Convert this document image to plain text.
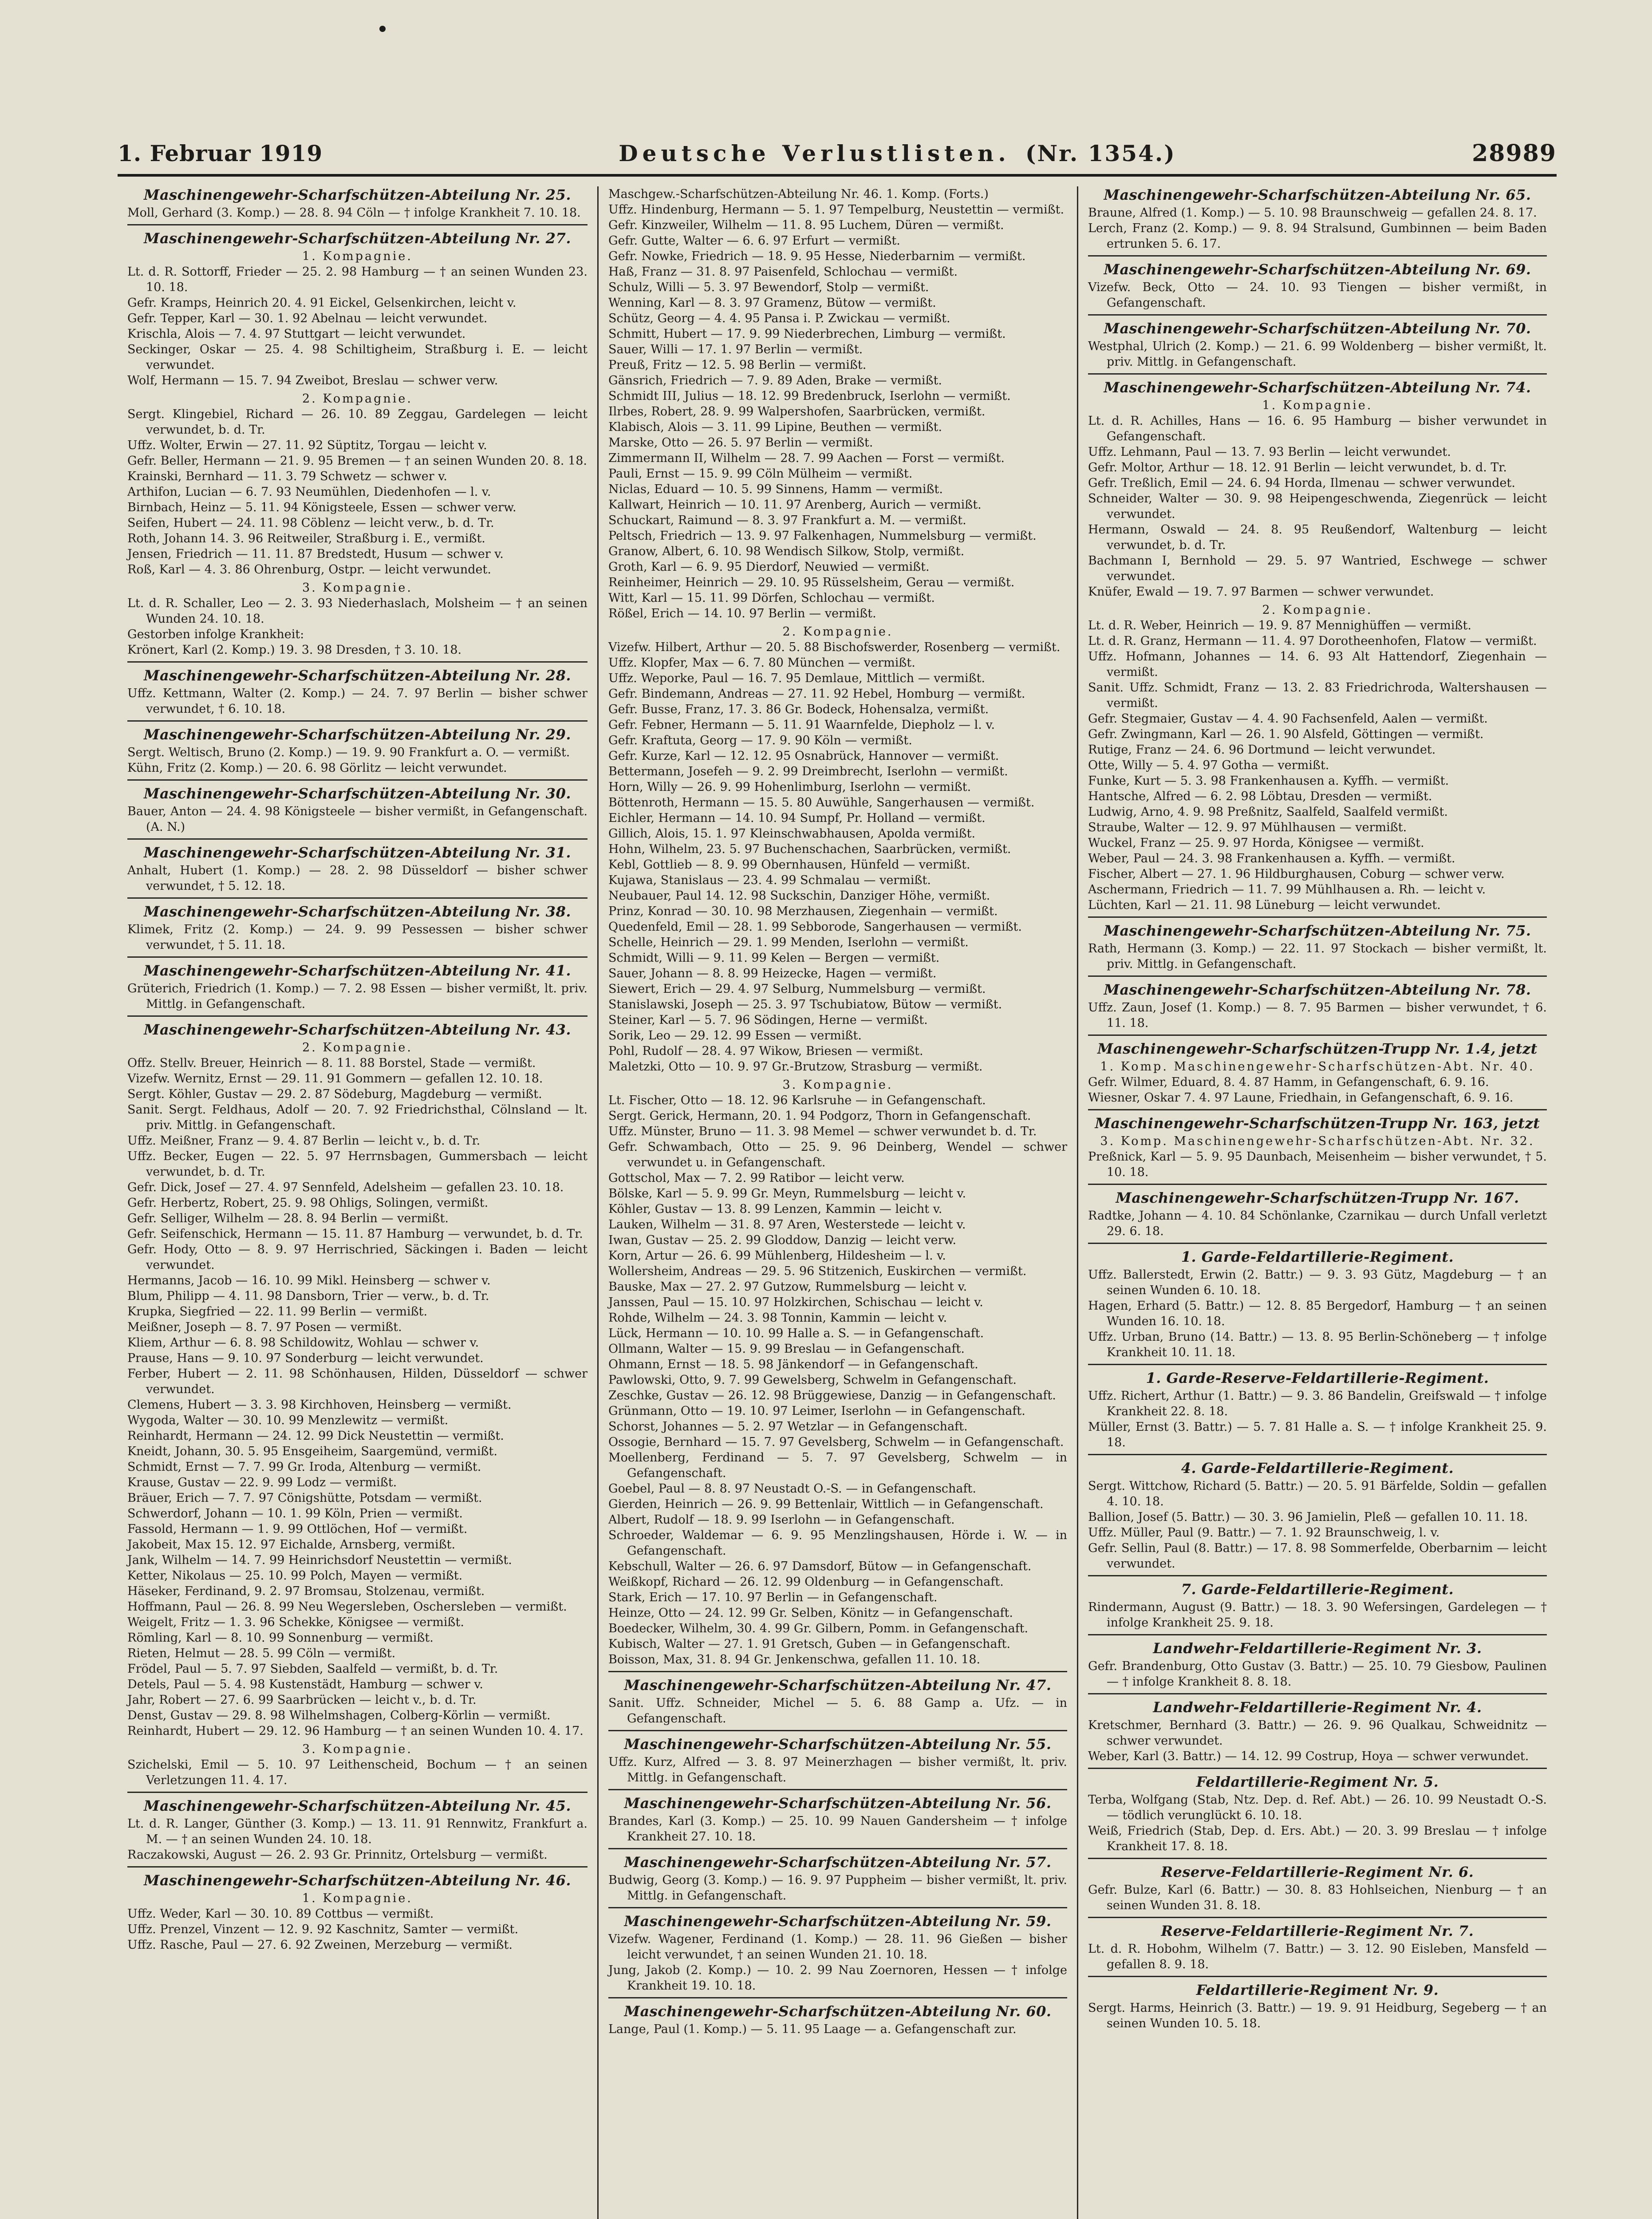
1. Februar 1919	Deutsche Verlustlisten. (Nr. 1354.)	28989
Maschinengewehr-Scharfschützen-Abteilung Nr. 25.

Moll, Gerhard (3. Komp.) — 28. 8. 94 Cöln — † infolge Krankheit 7. 10. 18.

Maschinengewehr-Scharfschützen-Abteilung Nr. 27.
1. Kompagnie.

Lt. d. R. Sottorff, Frieder — 25. 2. 98 Hamburg — † an seinen Wunden 23. 10. 18.

Gefr. Kramps, Heinrich 20. 4. 91 Eickel, Gelsenkirchen, leicht v.

Gefr. Tepper, Karl — 30. 1. 92 Abelnau — leicht verwundet.

Krischla, Alois — 7. 4. 97 Stuttgart — leicht verwundet.

Seckinger, Oskar — 25. 4. 98 Schiltigheim, Straßburg i. E. — leicht verwundet.

Wolf, Hermann — 15. 7. 94 Zweibot, Breslau — schwer verw.

2. Kompagnie.

Sergt. Klingebiel, Richard — 26. 10. 89 Zeggau, Gardelegen — leicht verwundet, b. d. Tr.

Uffz. Wolter, Erwin — 27. 11. 92 Süptitz, Torgau — leicht v.

Gefr. Beller, Hermann — 21. 9. 95 Bremen — † an seinen Wunden 20. 8. 18.

Krainski, Bernhard — 11. 3. 79 Schwetz — schwer v.

Arthifon, Lucian — 6. 7. 93 Neumühlen, Diedenhofen — l. v.

Birnbach, Heinz — 5. 11. 94 Königsteele, Essen — schwer verw.

Seifen, Hubert — 24. 11. 98 Cöblenz — leicht verw., b. d. Tr.

Roth, Johann 14. 3. 96 Reitweiler, Straßburg i. E., vermißt.

Jensen, Friedrich — 11. 11. 87 Bredstedt, Husum — schwer v.

Roß, Karl — 4. 3. 86 Ohrenburg, Ostpr. — leicht verwundet.

3. Kompagnie.

Lt. d. R. Schaller, Leo — 2. 3. 93 Niederhaslach, Molsheim — † an seinen Wunden 24. 10. 18.

Gestorben infolge Krankheit:

Krönert, Karl (2. Komp.) 19. 3. 98 Dresden, † 3. 10. 18.

Maschinengewehr-Scharfschützen-Abteilung Nr. 28.

Uffz. Kettmann, Walter (2. Komp.) — 24. 7. 97 Berlin — bisher schwer verwundet, † 6. 10. 18.

Maschinengewehr-Scharfschützen-Abteilung Nr. 29.

Sergt. Weltisch, Bruno (2. Komp.) — 19. 9. 90 Frankfurt a. O. — vermißt.

Kühn, Fritz (2. Komp.) — 20. 6. 98 Görlitz — leicht verwundet.

Maschinengewehr-Scharfschützen-Abteilung Nr. 30.

Bauer, Anton — 24. 4. 98 Königsteele — bisher vermißt, in Gefangenschaft. (A. N.)

Maschinengewehr-Scharfschützen-Abteilung Nr. 31.

Anhalt, Hubert (1. Komp.) — 28. 2. 98 Düsseldorf — bisher schwer verwundet, † 5. 12. 18.

Maschinengewehr-Scharfschützen-Abteilung Nr. 38.

Klimek, Fritz (2. Komp.) — 24. 9. 99 Pessessen — bisher schwer verwundet, † 5. 11. 18.

Maschinengewehr-Scharfschützen-Abteilung Nr. 41.

Grüterich, Friedrich (1. Komp.) — 7. 2. 98 Essen — bisher vermißt, lt. priv. Mittlg. in Gefangenschaft.

Maschinengewehr-Scharfschützen-Abteilung Nr. 43.
2. Kompagnie.

Offz. Stellv. Breuer, Heinrich — 8. 11. 88 Borstel, Stade — vermißt.

Vizefw. Wernitz, Ernst — 29. 11. 91 Gommern — gefallen 12. 10. 18.

Sergt. Köhler, Gustav — 29. 2. 87 Södeburg, Magdeburg — vermißt.

Sanit. Sergt. Feldhaus, Adolf — 20. 7. 92 Friedrichsthal, Cölnsland — lt. priv. Mittlg. in Gefangenschaft.

Uffz. Meißner, Franz — 9. 4. 87 Berlin — leicht v., b. d. Tr.

Uffz. Becker, Eugen — 22. 5. 97 Herrnsbagen, Gummersbach — leicht verwundet, b. d. Tr.

Gefr. Dick, Josef — 27. 4. 97 Sennfeld, Adelsheim — gefallen 23. 10. 18.

Gefr. Herbertz, Robert, 25. 9. 98 Ohligs, Solingen, vermißt.

Gefr. Selliger, Wilhelm — 28. 8. 94 Berlin — vermißt.

Gefr. Seifenschick, Hermann — 15. 11. 87 Hamburg — verwundet, b. d. Tr.

Gefr. Hody, Otto — 8. 9. 97 Herrischried, Säckingen i. Baden — leicht verwundet.

Hermanns, Jacob — 16. 10. 99 Mikl. Heinsberg — schwer v.

Blum, Philipp — 4. 11. 98 Dansborn, Trier — verw., b. d. Tr.

Krupka, Siegfried — 22. 11. 99 Berlin — vermißt.

Meißner, Joseph — 8. 7. 97 Posen — vermißt.

Kliem, Arthur — 6. 8. 98 Schildowitz, Wohlau — schwer v.

Prause, Hans — 9. 10. 97 Sonderburg — leicht verwundet.

Ferber, Hubert — 2. 11. 98 Schönhausen, Hilden, Düsseldorf — schwer verwundet.

Clemens, Hubert — 3. 3. 98 Kirchhoven, Heinsberg — vermißt.

Wygoda, Walter — 30. 10. 99 Menzlewitz — vermißt.

Reinhardt, Hermann — 24. 12. 99 Dick Neustettin — vermißt.

Kneidt, Johann, 30. 5. 95 Ensgeiheim, Saargemünd, vermißt.

Schmidt, Ernst — 7. 7. 99 Gr. Iroda, Altenburg — vermißt.

Krause, Gustav — 22. 9. 99 Lodz — vermißt.

Bräuer, Erich — 7. 7. 97 Cönigshütte, Potsdam — vermißt.

Schwerdorf, Johann — 10. 1. 99 Köln, Prien — vermißt.

Fassold, Hermann — 1. 9. 99 Ottlöchen, Hof — vermißt.

Jakobeit, Max 15. 12. 97 Eichalde, Arnsberg, vermißt.

Jank, Wilhelm — 14. 7. 99 Heinrichsdorf Neustettin — vermißt.

Ketter, Nikolaus — 25. 10. 99 Polch, Mayen — vermißt.

Häseker, Ferdinand, 9. 2. 97 Bromsau, Stolzenau, vermißt.

Hoffmann, Paul — 26. 8. 99 Neu Wegersleben, Oschersleben — vermißt.

Weigelt, Fritz — 1. 3. 96 Schekke, Königsee — vermißt.

Römling, Karl — 8. 10. 99 Sonnenburg — vermißt.

Rieten, Helmut — 28. 5. 99 Cöln — vermißt.

Frödel, Paul — 5. 7. 97 Siebden, Saalfeld — vermißt, b. d. Tr.

Detels, Paul — 5. 4. 98 Kustenstädt, Hamburg — schwer v.

Jahr, Robert — 27. 6. 99 Saarbrücken — leicht v., b. d. Tr.

Denst, Gustav — 29. 8. 98 Wilhelmshagen, Colberg-Körlin — vermißt.

Reinhardt, Hubert — 29. 12. 96 Hamburg — † an seinen Wunden 10. 4. 17.

3. Kompagnie.

Szichelski, Emil — 5. 10. 97 Leithenscheid, Bochum — † an seinen Verletzungen 11. 4. 17.

Maschinengewehr-Scharfschützen-Abteilung Nr. 45.

Lt. d. R. Langer, Günther (3. Komp.) — 13. 11. 91 Rennwitz, Frankfurt a. M. — † an seinen Wunden 24. 10. 18.

Raczakowski, August — 26. 2. 93 Gr. Prinnitz, Ortelsburg — vermißt.

Maschinengewehr-Scharfschützen-Abteilung Nr. 46.
1. Kompagnie.

Uffz. Weder, Karl — 30. 10. 89 Cottbus — vermißt.

Uffz. Prenzel, Vinzent — 12. 9. 92 Kaschnitz, Samter — vermißt.

Uffz. Rasche, Paul — 27. 6. 92 Zweinen, Merzeburg — vermißt.

Maschgew.-Scharfschützen-Abteilung Nr. 46. 1. Komp. (Forts.)

Uffz. Hindenburg, Hermann — 5. 1. 97 Tempelburg, Neustettin — vermißt.

Gefr. Kinzweiler, Wilhelm — 11. 8. 95 Luchem, Düren — vermißt.

Gefr. Gutte, Walter — 6. 6. 97 Erfurt — vermißt.

Gefr. Nowke, Friedrich — 18. 9. 95 Hesse, Niederbarnim — vermißt.

Haß, Franz — 31. 8. 97 Paisenfeld, Schlochau — vermißt.

Schulz, Willi — 5. 3. 97 Bewendorf, Stolp — vermißt.

Wenning, Karl — 8. 3. 97 Gramenz, Bütow — vermißt.

Schütz, Georg — 4. 4. 95 Pansa i. P. Zwickau — vermißt.

Schmitt, Hubert — 17. 9. 99 Niederbrechen, Limburg — vermißt.

Sauer, Willi — 17. 1. 97 Berlin — vermißt.

Preuß, Fritz — 12. 5. 98 Berlin — vermißt.

Gänsrich, Friedrich — 7. 9. 89 Aden, Brake — vermißt.

Schmidt III, Julius — 18. 12. 99 Bredenbruck, Iserlohn — vermißt.

Ilrbes, Robert, 28. 9. 99 Walpershofen, Saarbrücken, vermißt.

Klabisch, Alois — 3. 11. 99 Lipine, Beuthen — vermißt.

Marske, Otto — 26. 5. 97 Berlin — vermißt.

Zimmermann II, Wilhelm — 28. 7. 99 Aachen — Forst — vermißt.

Pauli, Ernst — 15. 9. 99 Cöln Mülheim — vermißt.

Niclas, Eduard — 10. 5. 99 Sinnens, Hamm — vermißt.

Kallwart, Heinrich — 10. 11. 97 Arenberg, Aurich — vermißt.

Schuckart, Raimund — 8. 3. 97 Frankfurt a. M. — vermißt.

Peltsch, Friedrich — 13. 9. 97 Falkenhagen, Nummelsburg — vermißt.

Granow, Albert, 6. 10. 98 Wendisch Silkow, Stolp, vermißt.

Groth, Karl — 6. 9. 95 Dierdorf, Neuwied — vermißt.

Reinheimer, Heinrich — 29. 10. 95 Rüsselsheim, Gerau — vermißt.

Witt, Karl — 15. 11. 99 Dörfen, Schlochau — vermißt.

Rößel, Erich — 14. 10. 97 Berlin — vermißt.

2. Kompagnie.

Vizefw. Hilbert, Arthur — 20. 5. 88 Bischofswerder, Rosenberg — vermißt.

Uffz. Klopfer, Max — 6. 7. 80 München — vermißt.

Uffz. Weporke, Paul — 16. 7. 95 Demlaue, Mittlich — vermißt.

Gefr. Bindemann, Andreas — 27. 11. 92 Hebel, Homburg — vermißt.

Gefr. Busse, Franz, 17. 3. 86 Gr. Bodeck, Hohensalza, vermißt.

Gefr. Febner, Hermann — 5. 11. 91 Waarnfelde, Diepholz — l. v.

Gefr. Kraftuta, Georg — 17. 9. 90 Köln — vermißt.

Gefr. Kurze, Karl — 12. 12. 95 Osnabrück, Hannover — vermißt.

Bettermann, Josefeh — 9. 2. 99 Dreimbrecht, Iserlohn — vermißt.

Horn, Willy — 26. 9. 99 Hohenlimburg, Iserlohn — vermißt.

Böttenroth, Hermann — 15. 5. 80 Auwühle, Sangerhausen — vermißt.

Eichler, Hermann — 14. 10. 94 Sumpf, Pr. Holland — vermißt.

Gillich, Alois, 15. 1. 97 Kleinschwabhausen, Apolda vermißt.

Hohn, Wilhelm, 23. 5. 97 Buchenschachen, Saarbrücken, vermißt.

Kebl, Gottlieb — 8. 9. 99 Obernhausen, Hünfeld — vermißt.

Kujawa, Stanislaus — 23. 4. 99 Schmalau — vermißt.

Neubauer, Paul 14. 12. 98 Suckschin, Danziger Höhe, vermißt.

Prinz, Konrad — 30. 10. 98 Merzhausen, Ziegenhain — vermißt.

Quedenfeld, Emil — 28. 1. 99 Sebborode, Sangerhausen — vermißt.

Schelle, Heinrich — 29. 1. 99 Menden, Iserlohn — vermißt.

Schmidt, Willi — 9. 11. 99 Kelen — Bergen — vermißt.

Sauer, Johann — 8. 8. 99 Heizecke, Hagen — vermißt.

Siewert, Erich — 29. 4. 97 Selburg, Nummelsburg — vermißt.

Stanislawski, Joseph — 25. 3. 97 Tschubiatow, Bütow — vermißt.

Steiner, Karl — 5. 7. 96 Södingen, Herne — vermißt.

Sorik, Leo — 29. 12. 99 Essen — vermißt.

Pohl, Rudolf — 28. 4. 97 Wikow, Briesen — vermißt.

Maletzki, Otto — 10. 9. 97 Gr.-Brutzow, Strasburg — vermißt.

3. Kompagnie.

Lt. Fischer, Otto — 18. 12. 96 Karlsruhe — in Gefangenschaft.

Sergt. Gerick, Hermann, 20. 1. 94 Podgorz, Thorn in Gefangenschaft.

Uffz. Münster, Bruno — 11. 3. 98 Memel — schwer verwundet b. d. Tr.

Gefr. Schwambach, Otto — 25. 9. 96 Deinberg, Wendel — schwer verwundet u. in Gefangenschaft.

Gottschol, Max — 7. 2. 99 Ratibor — leicht verw.

Bölske, Karl — 5. 9. 99 Gr. Meyn, Rummelsburg — leicht v.

Köhler, Gustav — 13. 8. 99 Lenzen, Kammin — leicht v.

Lauken, Wilhelm — 31. 8. 97 Aren, Westerstede — leicht v.

Iwan, Gustav — 25. 2. 99 Gloddow, Danzig — leicht verw.

Korn, Artur — 26. 6. 99 Mühlenberg, Hildesheim — l. v.

Wollersheim, Andreas — 29. 5. 96 Stitzenich, Euskirchen — vermißt.

Bauske, Max — 27. 2. 97 Gutzow, Rummelsburg — leicht v.

Janssen, Paul — 15. 10. 97 Holzkirchen, Schischau — leicht v.

Rohde, Wilhelm — 24. 3. 98 Tonnin, Kammin — leicht v.

Lück, Hermann — 10. 10. 99 Halle a. S. — in Gefangenschaft.

Ollmann, Walter — 15. 9. 99 Breslau — in Gefangenschaft.

Ohmann, Ernst — 18. 5. 98 Jänkendorf — in Gefangenschaft.

Pawlowski, Otto, 9. 7. 99 Gewelsberg, Schwelm in Gefangenschaft.

Zeschke, Gustav — 26. 12. 98 Brüggewiese, Danzig — in Gefangenschaft.

Grünmann, Otto — 19. 10. 97 Leimer, Iserlohn — in Gefangenschaft.

Schorst, Johannes — 5. 2. 97 Wetzlar — in Gefangenschaft.

Ossogie, Bernhard — 15. 7. 97 Gevelsberg, Schwelm — in Gefangenschaft.

Moellenberg, Ferdinand — 5. 7. 97 Gevelsberg, Schwelm — in Gefangenschaft.

Goebel, Paul — 8. 8. 97 Neustadt O.-S. — in Gefangenschaft.

Gierden, Heinrich — 26. 9. 99 Bettenlair, Wittlich — in Gefangenschaft.

Albert, Rudolf — 18. 9. 99 Iserlohn — in Gefangenschaft.

Schroeder, Waldemar — 6. 9. 95 Menzlingshausen, Hörde i. W. — in Gefangenschaft.

Kebschull, Walter — 26. 6. 97 Damsdorf, Bütow — in Gefangenschaft.

Weißkopf, Richard — 26. 12. 99 Oldenburg — in Gefangenschaft.

Stark, Erich — 17. 10. 97 Berlin — in Gefangenschaft.

Heinze, Otto — 24. 12. 99 Gr. Selben, Könitz — in Gefangenschaft.

Boedecker, Wilhelm, 30. 4. 99 Gr. Gilbern, Pomm. in Gefangenschaft.

Kubisch, Walter — 27. 1. 91 Gretsch, Guben — in Gefangenschaft.

Boisson, Max, 31. 8. 94 Gr. Jenkenschwa, gefallen 11. 10. 18.

Maschinengewehr-Scharfschützen-Abteilung Nr. 47.

Sanit. Uffz. Schneider, Michel — 5. 6. 88 Gamp a. Ufz. — in Gefangenschaft.

Maschinengewehr-Scharfschützen-Abteilung Nr. 55.

Uffz. Kurz, Alfred — 3. 8. 97 Meinerzhagen — bisher vermißt, lt. priv. Mittlg. in Gefangenschaft.

Maschinengewehr-Scharfschützen-Abteilung Nr. 56.

Brandes, Karl (3. Komp.) — 25. 10. 99 Nauen Gandersheim — † infolge Krankheit 27. 10. 18.

Maschinengewehr-Scharfschützen-Abteilung Nr. 57.

Budwig, Georg (3. Komp.) — 16. 9. 97 Puppheim — bisher vermißt, lt. priv. Mittlg. in Gefangenschaft.

Maschinengewehr-Scharfschützen-Abteilung Nr. 59.

Vizefw. Wagener, Ferdinand (1. Komp.) — 28. 11. 96 Gießen — bisher leicht verwundet, † an seinen Wunden 21. 10. 18.

Jung, Jakob (2. Komp.) — 10. 2. 99 Nau Zoernoren, Hessen — † infolge Krankheit 19. 10. 18.

Maschinengewehr-Scharfschützen-Abteilung Nr. 60.

Lange, Paul (1. Komp.) — 5. 11. 95 Laage — a. Gefangenschaft zur.

Maschinengewehr-Scharfschützen-Abteilung Nr. 65.

Braune, Alfred (1. Komp.) — 5. 10. 98 Braunschweig — gefallen 24. 8. 17.

Lerch, Franz (2. Komp.) — 9. 8. 94 Stralsund, Gumbinnen — beim Baden ertrunken 5. 6. 17.

Maschinengewehr-Scharfschützen-Abteilung Nr. 69.

Vizefw. Beck, Otto — 24. 10. 93 Tiengen — bisher vermißt, in Gefangenschaft.

Maschinengewehr-Scharfschützen-Abteilung Nr. 70.

Westphal, Ulrich (2. Komp.) — 21. 6. 99 Woldenberg — bisher vermißt, lt. priv. Mittlg. in Gefangenschaft.

Maschinengewehr-Scharfschützen-Abteilung Nr. 74.
1. Kompagnie.

Lt. d. R. Achilles, Hans — 16. 6. 95 Hamburg — bisher verwundet in Gefangenschaft.

Uffz. Lehmann, Paul — 13. 7. 93 Berlin — leicht verwundet.

Gefr. Moltor, Arthur — 18. 12. 91 Berlin — leicht verwundet, b. d. Tr.

Gefr. Treßlich, Emil — 24. 6. 94 Horda, Ilmenau — schwer verwundet.

Schneider, Walter — 30. 9. 98 Heipengeschwenda, Ziegenrück — leicht verwundet.

Hermann, Oswald — 24. 8. 95 Reußendorf, Waltenburg — leicht verwundet, b. d. Tr.

Bachmann I, Bernhold — 29. 5. 97 Wantried, Eschwege — schwer verwundet.

Knüfer, Ewald — 19. 7. 97 Barmen — schwer verwundet.

2. Kompagnie.

Lt. d. R. Weber, Heinrich — 19. 9. 87 Mennighüffen — vermißt.

Lt. d. R. Granz, Hermann — 11. 4. 97 Dorotheenhofen, Flatow — vermißt.

Uffz. Hofmann, Johannes — 14. 6. 93 Alt Hattendorf, Ziegenhain — vermißt.

Sanit. Uffz. Schmidt, Franz — 13. 2. 83 Friedrichroda, Waltershausen — vermißt.

Gefr. Stegmaier, Gustav — 4. 4. 90 Fachsenfeld, Aalen — vermißt.

Gefr. Zwingmann, Karl — 26. 1. 90 Alsfeld, Göttingen — vermißt.

Rutige, Franz — 24. 6. 96 Dortmund — leicht verwundet.

Otte, Willy — 5. 4. 97 Gotha — vermißt.

Funke, Kurt — 5. 3. 98 Frankenhausen a. Kyffh. — vermißt.

Hantsche, Alfred — 6. 2. 98 Löbtau, Dresden — vermißt.

Ludwig, Arno, 4. 9. 98 Preßnitz, Saalfeld, Saalfeld vermißt.

Straube, Walter — 12. 9. 97 Mühlhausen — vermißt.

Wuckel, Franz — 25. 9. 97 Horda, Königsee — vermißt.

Weber, Paul — 24. 3. 98 Frankenhausen a. Kyffh. — vermißt.

Fischer, Albert — 27. 1. 96 Hildburghausen, Coburg — schwer verw.

Aschermann, Friedrich — 11. 7. 99 Mühlhausen a. Rh. — leicht v.

Lüchten, Karl — 21. 11. 98 Lüneburg — leicht verwundet.

Maschinengewehr-Scharfschützen-Abteilung Nr. 75.

Rath, Hermann (3. Komp.) — 22. 11. 97 Stockach — bisher vermißt, lt. priv. Mittlg. in Gefangenschaft.

Maschinengewehr-Scharfschützen-Abteilung Nr. 78.

Uffz. Zaun, Josef (1. Komp.) — 8. 7. 95 Barmen — bisher verwundet, † 6. 11. 18.

Maschinengewehr-Scharfschützen-Trupp Nr. 1.4, jetzt
1. Komp. Maschinengewehr-Scharfschützen-Abt. Nr. 40.

Gefr. Wilmer, Eduard, 8. 4. 87 Hamm, in Gefangenschaft, 6. 9. 16.

Wiesner, Oskar 7. 4. 97 Laune, Friedhain, in Gefangenschaft, 6. 9. 16.

Maschinengewehr-Scharfschützen-Trupp Nr. 163, jetzt
3. Komp. Maschinengewehr-Scharfschützen-Abt. Nr. 32.

Preßnick, Karl — 5. 9. 95 Daunbach, Meisenheim — bisher verwundet, † 5. 10. 18.

Maschinengewehr-Scharfschützen-Trupp Nr. 167.

Radtke, Johann — 4. 10. 84 Schönlanke, Czarnikau — durch Unfall verletzt 29. 6. 18.

1. Garde-Feldartillerie-Regiment.

Uffz. Ballerstedt, Erwin (2. Battr.) — 9. 3. 93 Gütz, Magdeburg — † an seinen Wunden 6. 10. 18.

Hagen, Erhard (5. Battr.) — 12. 8. 85 Bergedorf, Hamburg — † an seinen Wunden 16. 10. 18.

Uffz. Urban, Bruno (14. Battr.) — 13. 8. 95 Berlin-Schöneberg — † infolge Krankheit 10. 11. 18.

1. Garde-Reserve-Feldartillerie-Regiment.

Uffz. Richert, Arthur (1. Battr.) — 9. 3. 86 Bandelin, Greifswald — † infolge Krankheit 22. 8. 18.

Müller, Ernst (3. Battr.) — 5. 7. 81 Halle a. S. — † infolge Krankheit 25. 9. 18.

4. Garde-Feldartillerie-Regiment.

Sergt. Wittchow, Richard (5. Battr.) — 20. 5. 91 Bärfelde, Soldin — gefallen 4. 10. 18.

Ballion, Josef (5. Battr.) — 30. 3. 96 Jamielin, Pleß — gefallen 10. 11. 18.

Uffz. Müller, Paul (9. Battr.) — 7. 1. 92 Braunschweig, l. v.

Gefr. Sellin, Paul (8. Battr.) — 17. 8. 98 Sommerfelde, Oberbarnim — leicht verwundet.

7. Garde-Feldartillerie-Regiment.

Rindermann, August (9. Battr.) — 18. 3. 90 Wefersingen, Gardelegen — † infolge Krankheit 25. 9. 18.

Landwehr-Feldartillerie-Regiment Nr. 3.

Gefr. Brandenburg, Otto Gustav (3. Battr.) — 25. 10. 79 Giesbow, Paulinen — † infolge Krankheit 8. 8. 18.

Landwehr-Feldartillerie-Regiment Nr. 4.

Kretschmer, Bernhard (3. Battr.) — 26. 9. 96 Qualkau, Schweidnitz — schwer verwundet.

Weber, Karl (3. Battr.) — 14. 12. 99 Costrup, Hoya — schwer verwundet.

Feldartillerie-Regiment Nr. 5.

Terba, Wolfgang (Stab, Ntz. Dep. d. Ref. Abt.) — 26. 10. 99 Neustadt O.-S. — tödlich verunglückt 6. 10. 18.

Weiß, Friedrich (Stab, Dep. d. Ers. Abt.) — 20. 3. 99 Breslau — † infolge Krankheit 17. 8. 18.

Reserve-Feldartillerie-Regiment Nr. 6.

Gefr. Bulze, Karl (6. Battr.) — 30. 8. 83 Hohlseichen, Nienburg — † an seinen Wunden 31. 8. 18.

Reserve-Feldartillerie-Regiment Nr. 7.

Lt. d. R. Hobohm, Wilhelm (7. Battr.) — 3. 12. 90 Eisleben, Mansfeld — gefallen 8. 9. 18.

Feldartillerie-Regiment Nr. 9.

Sergt. Harms, Heinrich (3. Battr.) — 19. 9. 91 Heidburg, Segeberg — † an seinen Wunden 10. 5. 18.
